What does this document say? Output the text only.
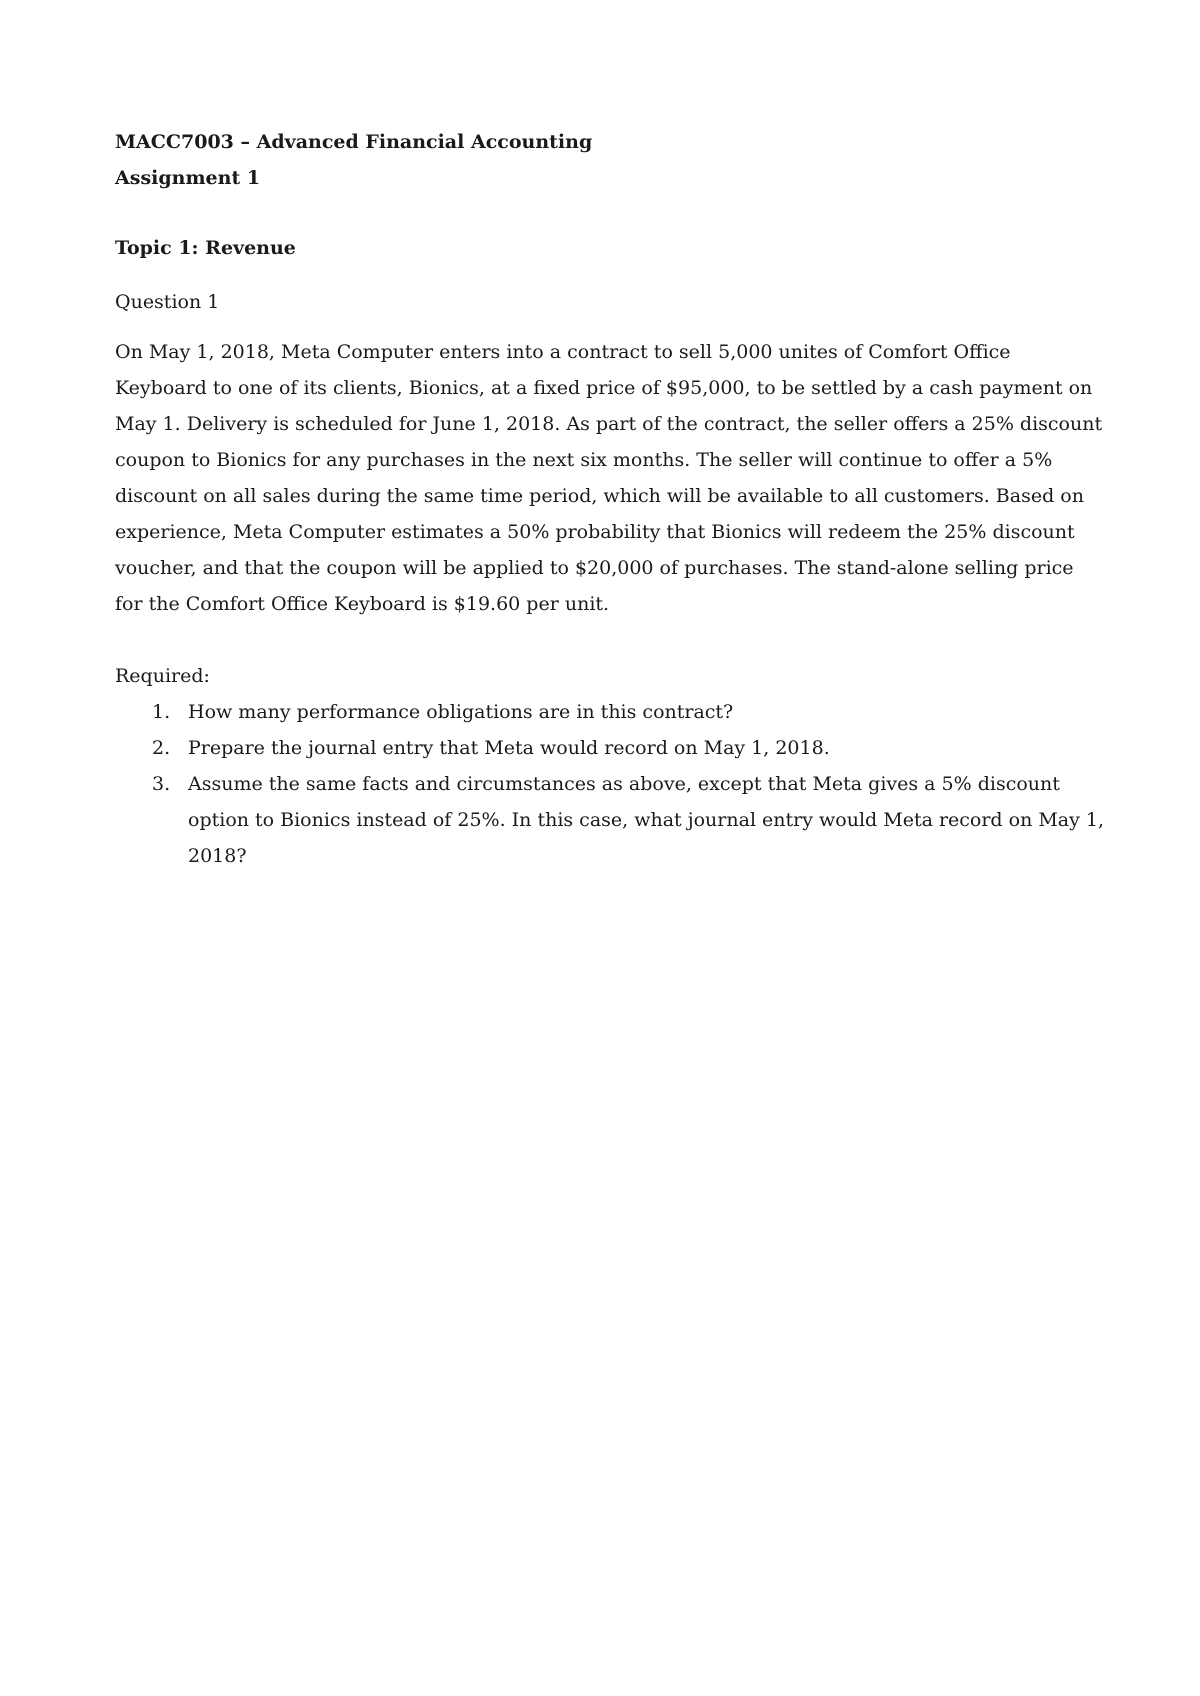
MACC7003 – Advanced Financial Accounting
Assignment 1
Topic 1: Revenue
Question 1

On May 1, 2018, Meta Computer enters into a contract to sell 5,000 unites of Comfort Office Keyboard to one of its clients, Bionics, at a fixed price of $95,000, to be settled by a cash payment on May 1. Delivery is scheduled for June 1, 2018. As part of the contract, the seller offers a 25% discount coupon to Bionics for any purchases in the next six months. The seller will continue to offer a 5% discount on all sales during the same time period, which will be available to all customers. Based on experience, Meta Computer estimates a 50% probability that Bionics will redeem the 25% discount voucher, and that the coupon will be applied to $20,000 of purchases. The stand-alone selling price for the Comfort Office Keyboard is $19.60 per unit.

Required:
1. How many performance obligations are in this contract?
2. Prepare the journal entry that Meta would record on May 1, 2018.
3. Assume the same facts and circumstances as above, except that Meta gives a 5% discount option to Bionics instead of 25%. In this case, what journal entry would Meta record on May 1, 2018?
